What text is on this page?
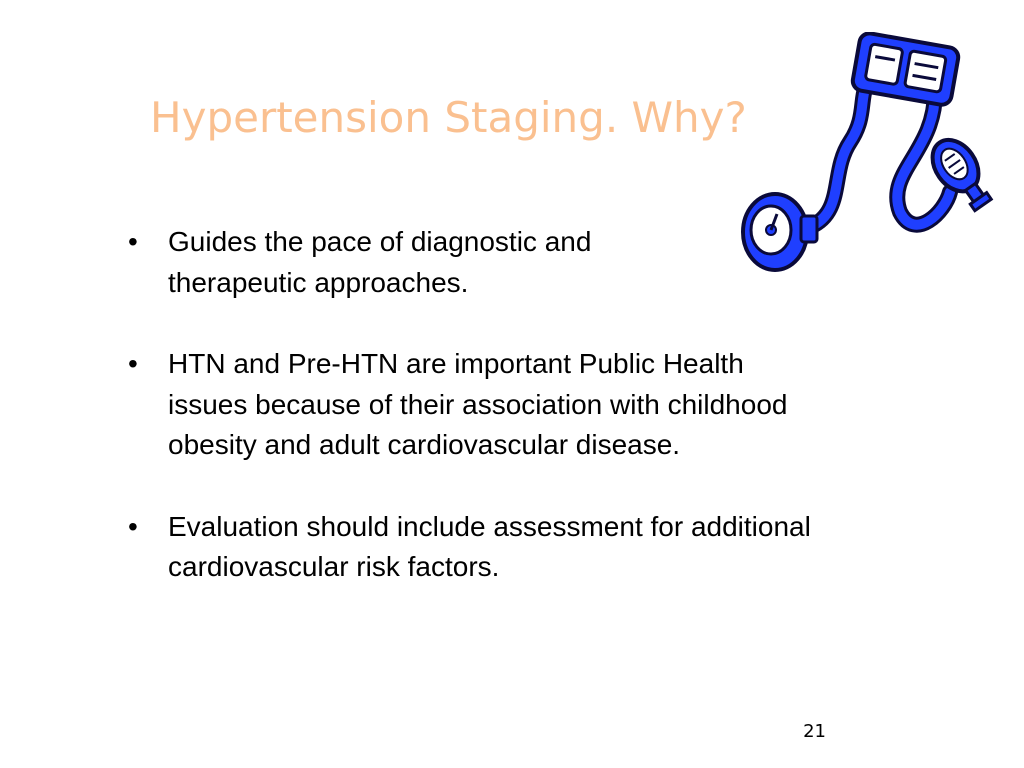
Hypertension Staging. Why?
•	Guides the pace of diagnostic and therapeutic approaches.
•	HTN and Pre-HTN are important Public Health issues because of their association with childhood obesity and adult cardiovascular disease.
•	Evaluation should include assessment for additional cardiovascular risk factors.
21
